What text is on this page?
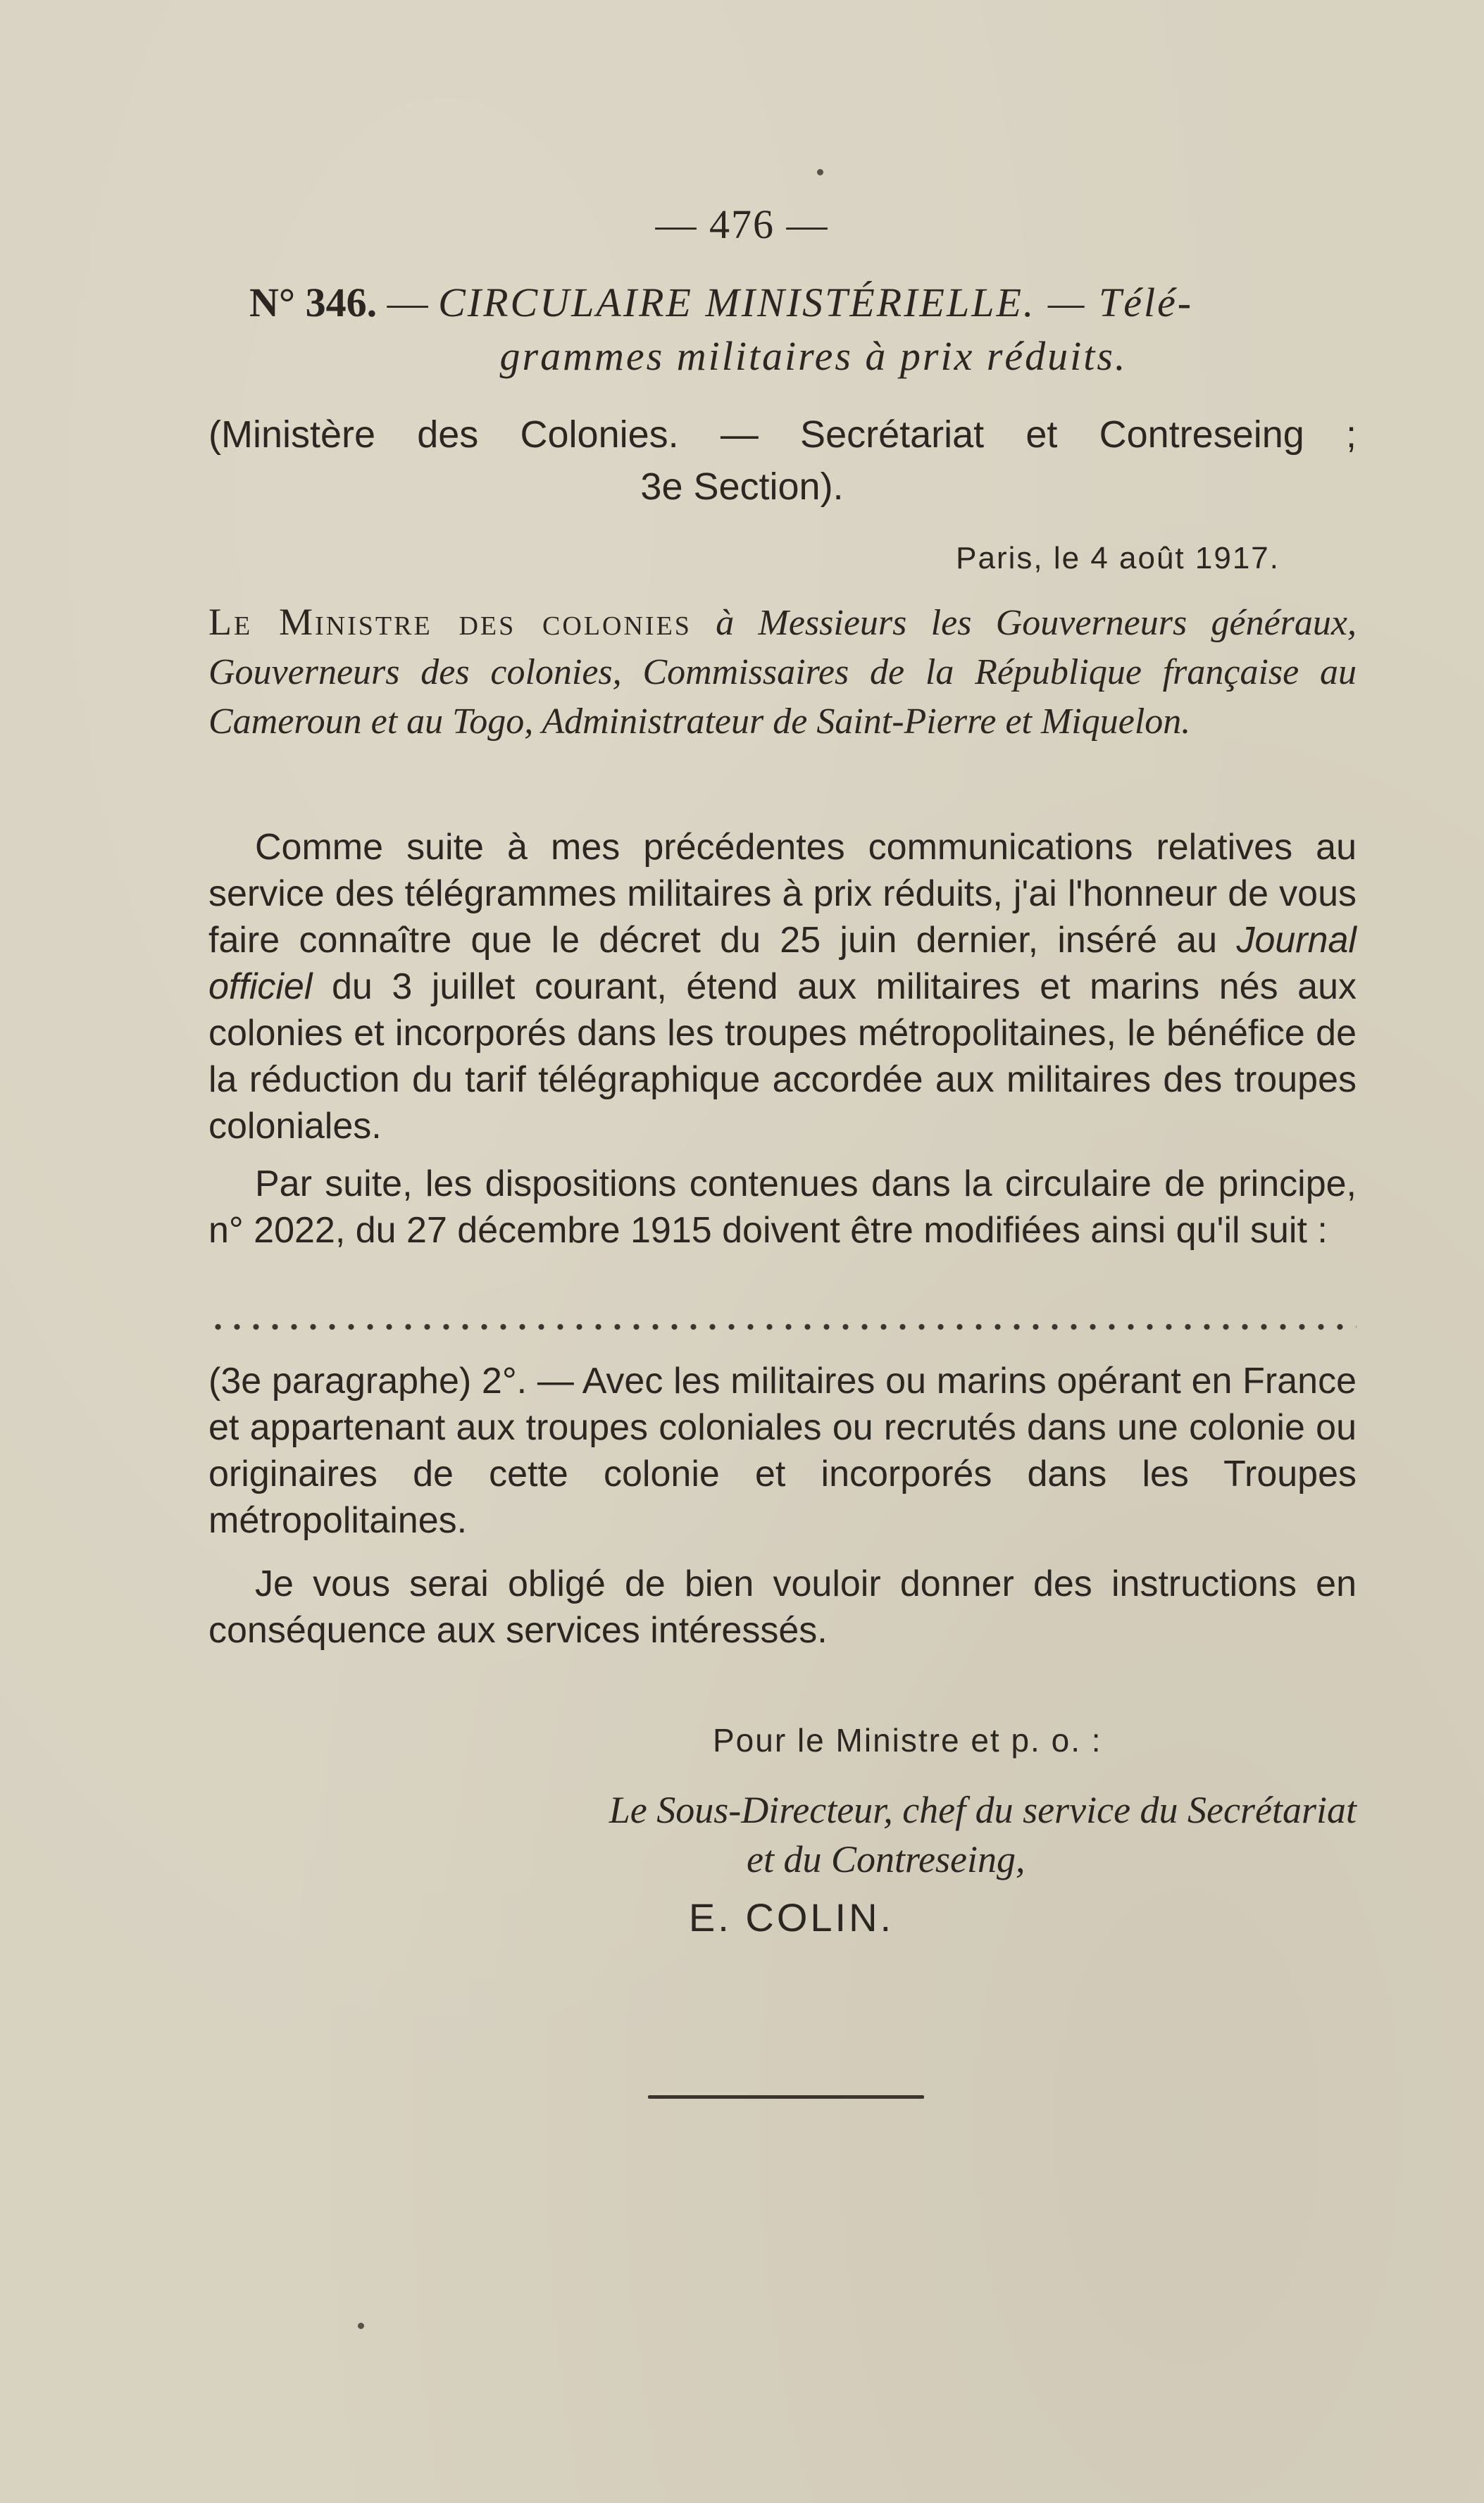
— 476 —
N° 346. — CIRCULAIRE MINISTÉRIELLE. — Télé-
grammes militaires à prix réduits.
(Ministère des Colonies. — Secrétariat et Contreseing ;
3e Section).
Paris, le 4 août 1917.
Le Ministre des colonies à Messieurs les Gouverneurs généraux, Gouverneurs des colonies, Commissaires de la République française au Cameroun et au Togo, Administrateur de Saint-Pierre et Miquelon.

Comme suite à mes précédentes communications relatives au service des télégrammes militaires à prix réduits, j'ai l'honneur de vous faire connaître que le décret du 25 juin dernier, inséré au Journal officiel du 3 juillet courant, étend aux militaires et marins nés aux colonies et incorporés dans les troupes métropolitaines, le bénéfice de la réduction du tarif télégraphique accordée aux militaires des troupes coloniales.

Par suite, les dispositions contenues dans la circulaire de principe, n° 2022, du 27 décembre 1915 doivent être modifiées ainsi qu'il suit :

(3e paragraphe) 2°. — Avec les militaires ou marins opérant en France et appartenant aux troupes coloniales ou recrutés dans une colonie ou originaires de cette colonie et incorporés dans les Troupes métropolitaines.

Je vous serai obligé de bien vouloir donner des instructions en conséquence aux services intéressés.

Pour le Ministre et p. o. :
Le Sous-Directeur, chef du service du Secrétariat
et du Contreseing,
E. COLIN.
